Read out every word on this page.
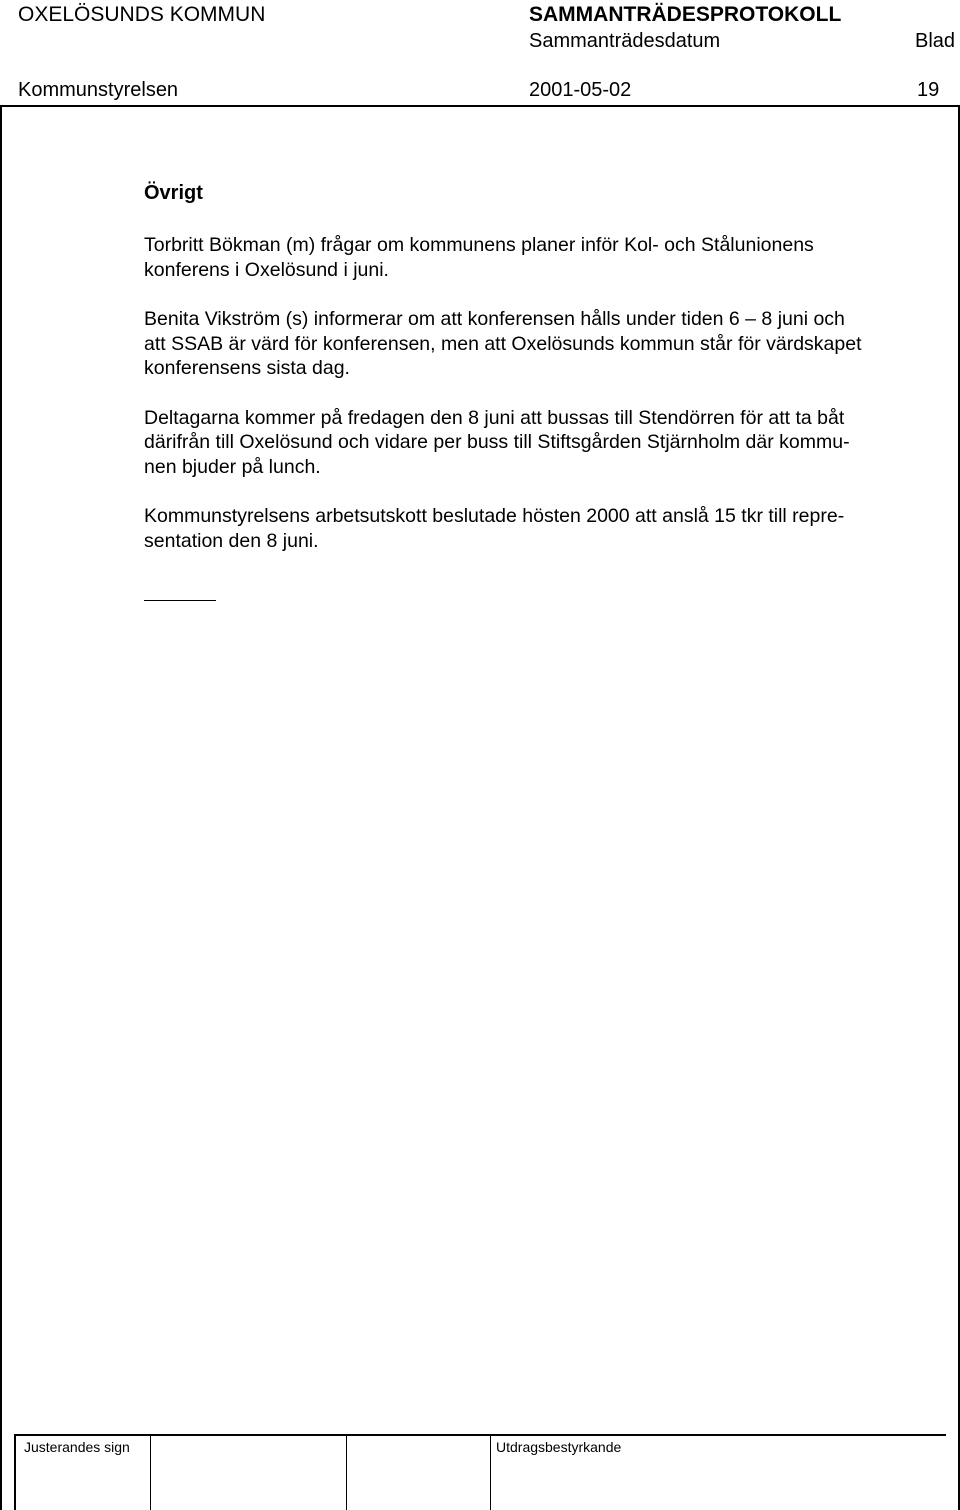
OXELÖSUNDS KOMMUN	SAMMANTRÄDESPROTOKOLL
Sammanträdesdatum	Blad
Kommunstyrelsen	2001-05-02	19
Övrigt
Torbritt Bökman (m) frågar om kommunens planer inför Kol- och Stålunionens
konferens i Oxelösund i juni.
Benita Vikström (s) informerar om att konferensen hålls under tiden 6 – 8 juni och
att SSAB är värd för konferensen, men att Oxelösunds kommun står för värdskapet
konferensens sista dag.
Deltagarna kommer på fredagen den 8 juni att bussas till Stendörren för att ta båt
därifrån till Oxelösund och vidare per buss till Stiftsgården Stjärnholm där kommu-
nen bjuder på lunch.
Kommunstyrelsens arbetsutskott beslutade hösten 2000 att anslå 15 tkr till repre-
sentation den 8 juni.
Justerandes sign	Utdragsbestyrkande
